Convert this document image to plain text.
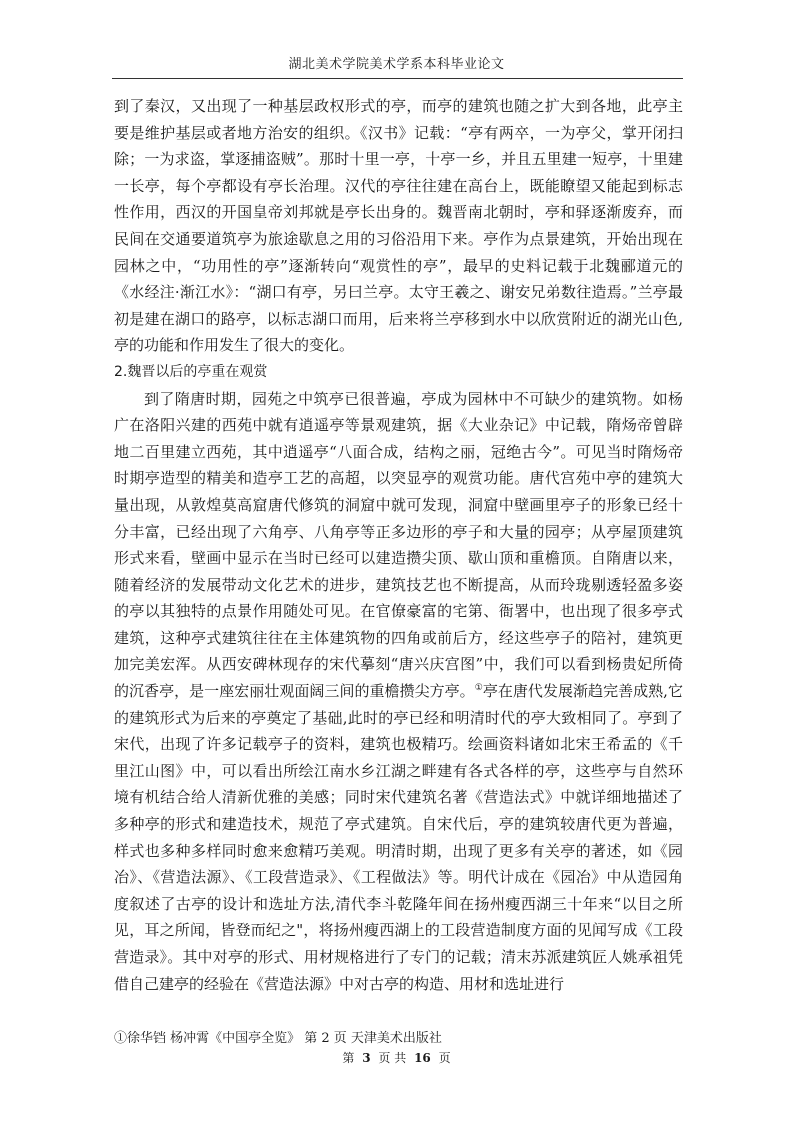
湖北美术学院美术学系本科毕业论文

到了秦汉，又出现了一种基层政权形式的亭，而亭的建筑也随之扩大到各地，此亭主要是维护基层或者地方治安的组织。《汉书》记载：“亭有两卒，一为亭父，掌开闭扫除；一为求盗，掌逐捕盗贼”。那时十里一亭，十亭一乡，并且五里建一短亭，十里建一长亭，每个亭都设有亭长治理。汉代的亭往往建在高台上，既能瞭望又能起到标志性作用，西汉的开国皇帝刘邦就是亭长出身的。魏晋南北朝时，亭和驿逐渐废弃，而民间在交通要道筑亭为旅途歇息之用的习俗沿用下来。亭作为点景建筑，开始出现在园林之中，“功用性的亭”逐渐转向“观赏性的亭”，最早的史料记载于北魏郦道元的《水经注·渐江水》：“湖口有亭，另曰兰亭。太守王羲之、谢安兄弟数往造焉。”兰亭最初是建在湖口的路亭，以标志湖口而用，后来将兰亭移到水中以欣赏附近的湖光山色,亭的功能和作用发生了很大的变化。

2.魏晋以后的亭重在观赏

到了隋唐时期，园苑之中筑亭已很普遍，亭成为园林中不可缺少的建筑物。如杨广在洛阳兴建的西苑中就有逍遥亭等景观建筑，据《大业杂记》中记载，隋炀帝曾辟地二百里建立西苑，其中逍遥亭“八面合成，结构之丽，冠绝古今”。可见当时隋炀帝时期亭造型的精美和造亭工艺的高超，以突显亭的观赏功能。唐代宫苑中亭的建筑大量出现，从敦煌莫高窟唐代修筑的洞窟中就可发现，洞窟中壁画里亭子的形象已经十分丰富，已经出现了六角亭、八角亭等正多边形的亭子和大量的园亭；从亭屋顶建筑形式来看，壁画中显示在当时已经可以建造攒尖顶、歇山顶和重檐顶。自隋唐以来，随着经济的发展带动文化艺术的进步，建筑技艺也不断提高，从而玲珑剔透轻盈多姿的亭以其独特的点景作用随处可见。在官僚豪富的宅第、衙署中，也出现了很多亭式建筑，这种亭式建筑往往在主体建筑物的四角或前后方，经这些亭子的陪衬，建筑更加完美宏浑。从西安碑林现存的宋代摹刻“唐兴庆宫图”中，我们可以看到杨贵妃所倚的沉香亭，是一座宏丽壮观面阔三间的重檐攒尖方亭。①亭在唐代发展渐趋完善成熟,它的建筑形式为后来的亭奠定了基础,此时的亭已经和明清时代的亭大致相同了。亭到了宋代，出现了许多记载亭子的资料，建筑也极精巧。绘画资料诸如北宋王希孟的《千里江山图》中，可以看出所绘江南水乡江湖之畔建有各式各样的亭，这些亭与自然环境有机结合给人清新优雅的美感；同时宋代建筑名著《营造法式》中就详细地描述了多种亭的形式和建造技术，规范了亭式建筑。自宋代后，亭的建筑较唐代更为普遍，样式也多种多样同时愈来愈精巧美观。明清时期，出现了更多有关亭的著述，如《园冶》、《营造法源》、《工段营造录》、《工程做法》等。明代计成在《园冶》中从造园角度叙述了古亭的设计和选址方法,清代李斗乾隆年间在扬州瘦西湖三十年来“以目之所见，耳之所闻，皆登而纪之"，将扬州瘦西湖上的工段营造制度方面的见闻写成《工段营造录》。其中对亭的形式、用材规格进行了专门的记载；清末苏派建筑匠人姚承祖凭借自己建亭的经验在《营造法源》中对古亭的构造、用材和选址进行

①徐华铛 杨冲霄《中国亭全览》 第 2 页 天津美术出版社
第 3 页 共 16 页
